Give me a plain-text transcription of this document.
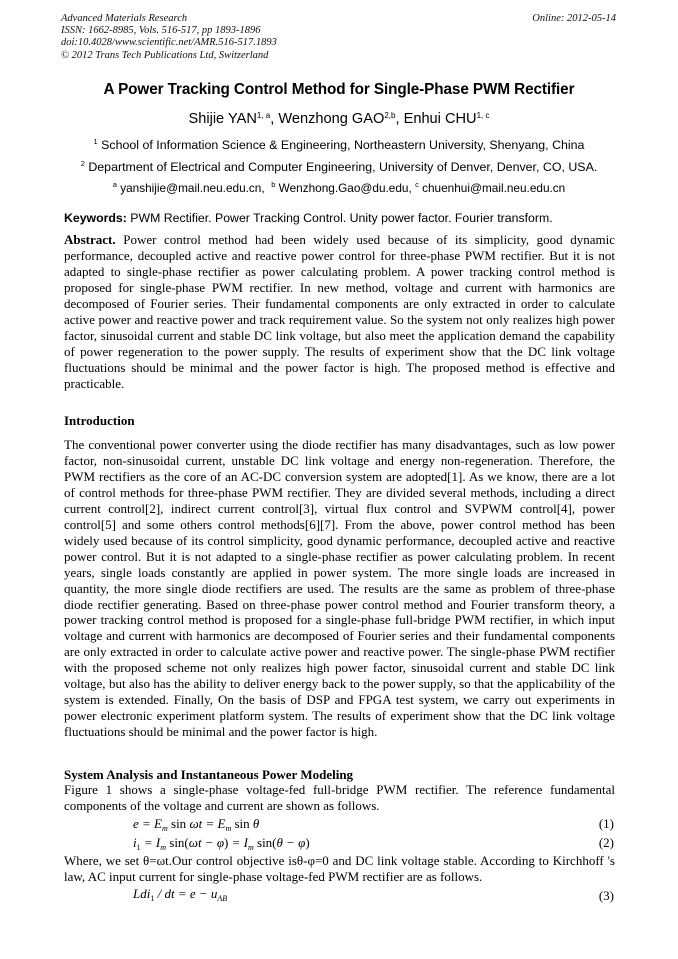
Advanced Materials Research
ISSN: 1662-8985, Vols. 516-517, pp 1893-1896
doi:10.4028/www.scientific.net/AMR.516-517.1893
© 2012 Trans Tech Publications Ltd, Switzerland
Online: 2012-05-14
A Power Tracking Control Method for Single-Phase PWM Rectifier
Shijie YAN$^{1, a}$, Wenzhong GAO$^{2,b}$, Enhui CHU$^{1, c}$
$^1$ School of Information Science & Engineering, Northeastern University, Shenyang, China
$^2$ Department of Electrical and Computer Engineering, University of Denver, Denver, CO, USA.
$^a$ yanshijie@mail.neu.edu.cn, $^b$ Wenzhong.Gao@du.edu, $^c$ chuenhui@mail.neu.edu.cn
Keywords: PWM Rectifier. Power Tracking Control. Unity power factor. Fourier transform.
Abstract. Power control method had been widely used because of its simplicity, good dynamic performance, decoupled active and reactive power control for three-phase PWM rectifier. But it is not adapted to single-phase rectifier as power calculating problem. A power tracking control method is proposed for single-phase PWM rectifier. In new method, voltage and current with harmonics are decomposed of Fourier series. Their fundamental components are only extracted in order to calculate active power and reactive power and track requirement value. So the system not only realizes high power factor, sinusoidal current and stable DC link voltage, but also meet the application demand the capability of power regeneration to the power supply. The results of experiment show that the DC link voltage fluctuations should be minimal and the power factor is high. The proposed method is effective and practicable.
Introduction
The conventional power converter using the diode rectifier has many disadvantages, such as low power factor, non-sinusoidal current, unstable DC link voltage and energy non-regeneration. Therefore, the PWM rectifiers as the core of an AC-DC conversion system are adopted[1]. As we know, there are a lot of control methods for three-phase PWM rectifier. They are divided several methods, including a direct current control[2], indirect current control[3], virtual flux control and SVPWM control[4], power control[5] and some others control methods[6][7]. From the above, power control method has been widely used because of its control simplicity, good dynamic performance, decoupled active and reactive power control. But it is not adapted to a single-phase rectifier as power calculating problem. In recent years, single loads constantly are applied in power system. The more single loads are increased in quantity, the more single diode rectifiers are used. The results are the same as problem of three-phase diode rectifier generating. Based on three-phase power control method and Fourier transform theory, a power tracking control method is proposed for a single-phase full-bridge PWM rectifier, in which input voltage and current with harmonics are decomposed of Fourier series and their fundamental components are only extracted in order to calculate active power and reactive power. The single-phase PWM rectifier with the proposed scheme not only realizes high power factor, sinusoidal current and stable DC link voltage, but also has the ability to deliver energy back to the power supply, so that the applicability of the system is extended. Finally, On the basis of DSP and FPGA test system, we carry out experiments in power electronic experiment platform system. The results of experiment show that the DC link voltage fluctuations should be minimal and the power factor is high.
System Analysis and Instantaneous Power Modeling
Figure 1 shows a single-phase voltage-fed full-bridge PWM rectifier. The reference fundamental components of the voltage and current are shown as follows.
$e = E_m$ $\sin \omega t = E_m$ sin θ	(1)
$i_1 = I_m$ $\sin(\omega t - \varphi) = I_m$ sin(θ − φ)	(2)
Where, we set θ=ωt.Our control objective isθ-φ=0 and DC link voltage stable. According to Kirchhoff 's law, AC input current for single-phase voltage-fed PWM rectifier are as follows.
Ldi$_1$ / dt = $e - u_{AB}$	(3)
